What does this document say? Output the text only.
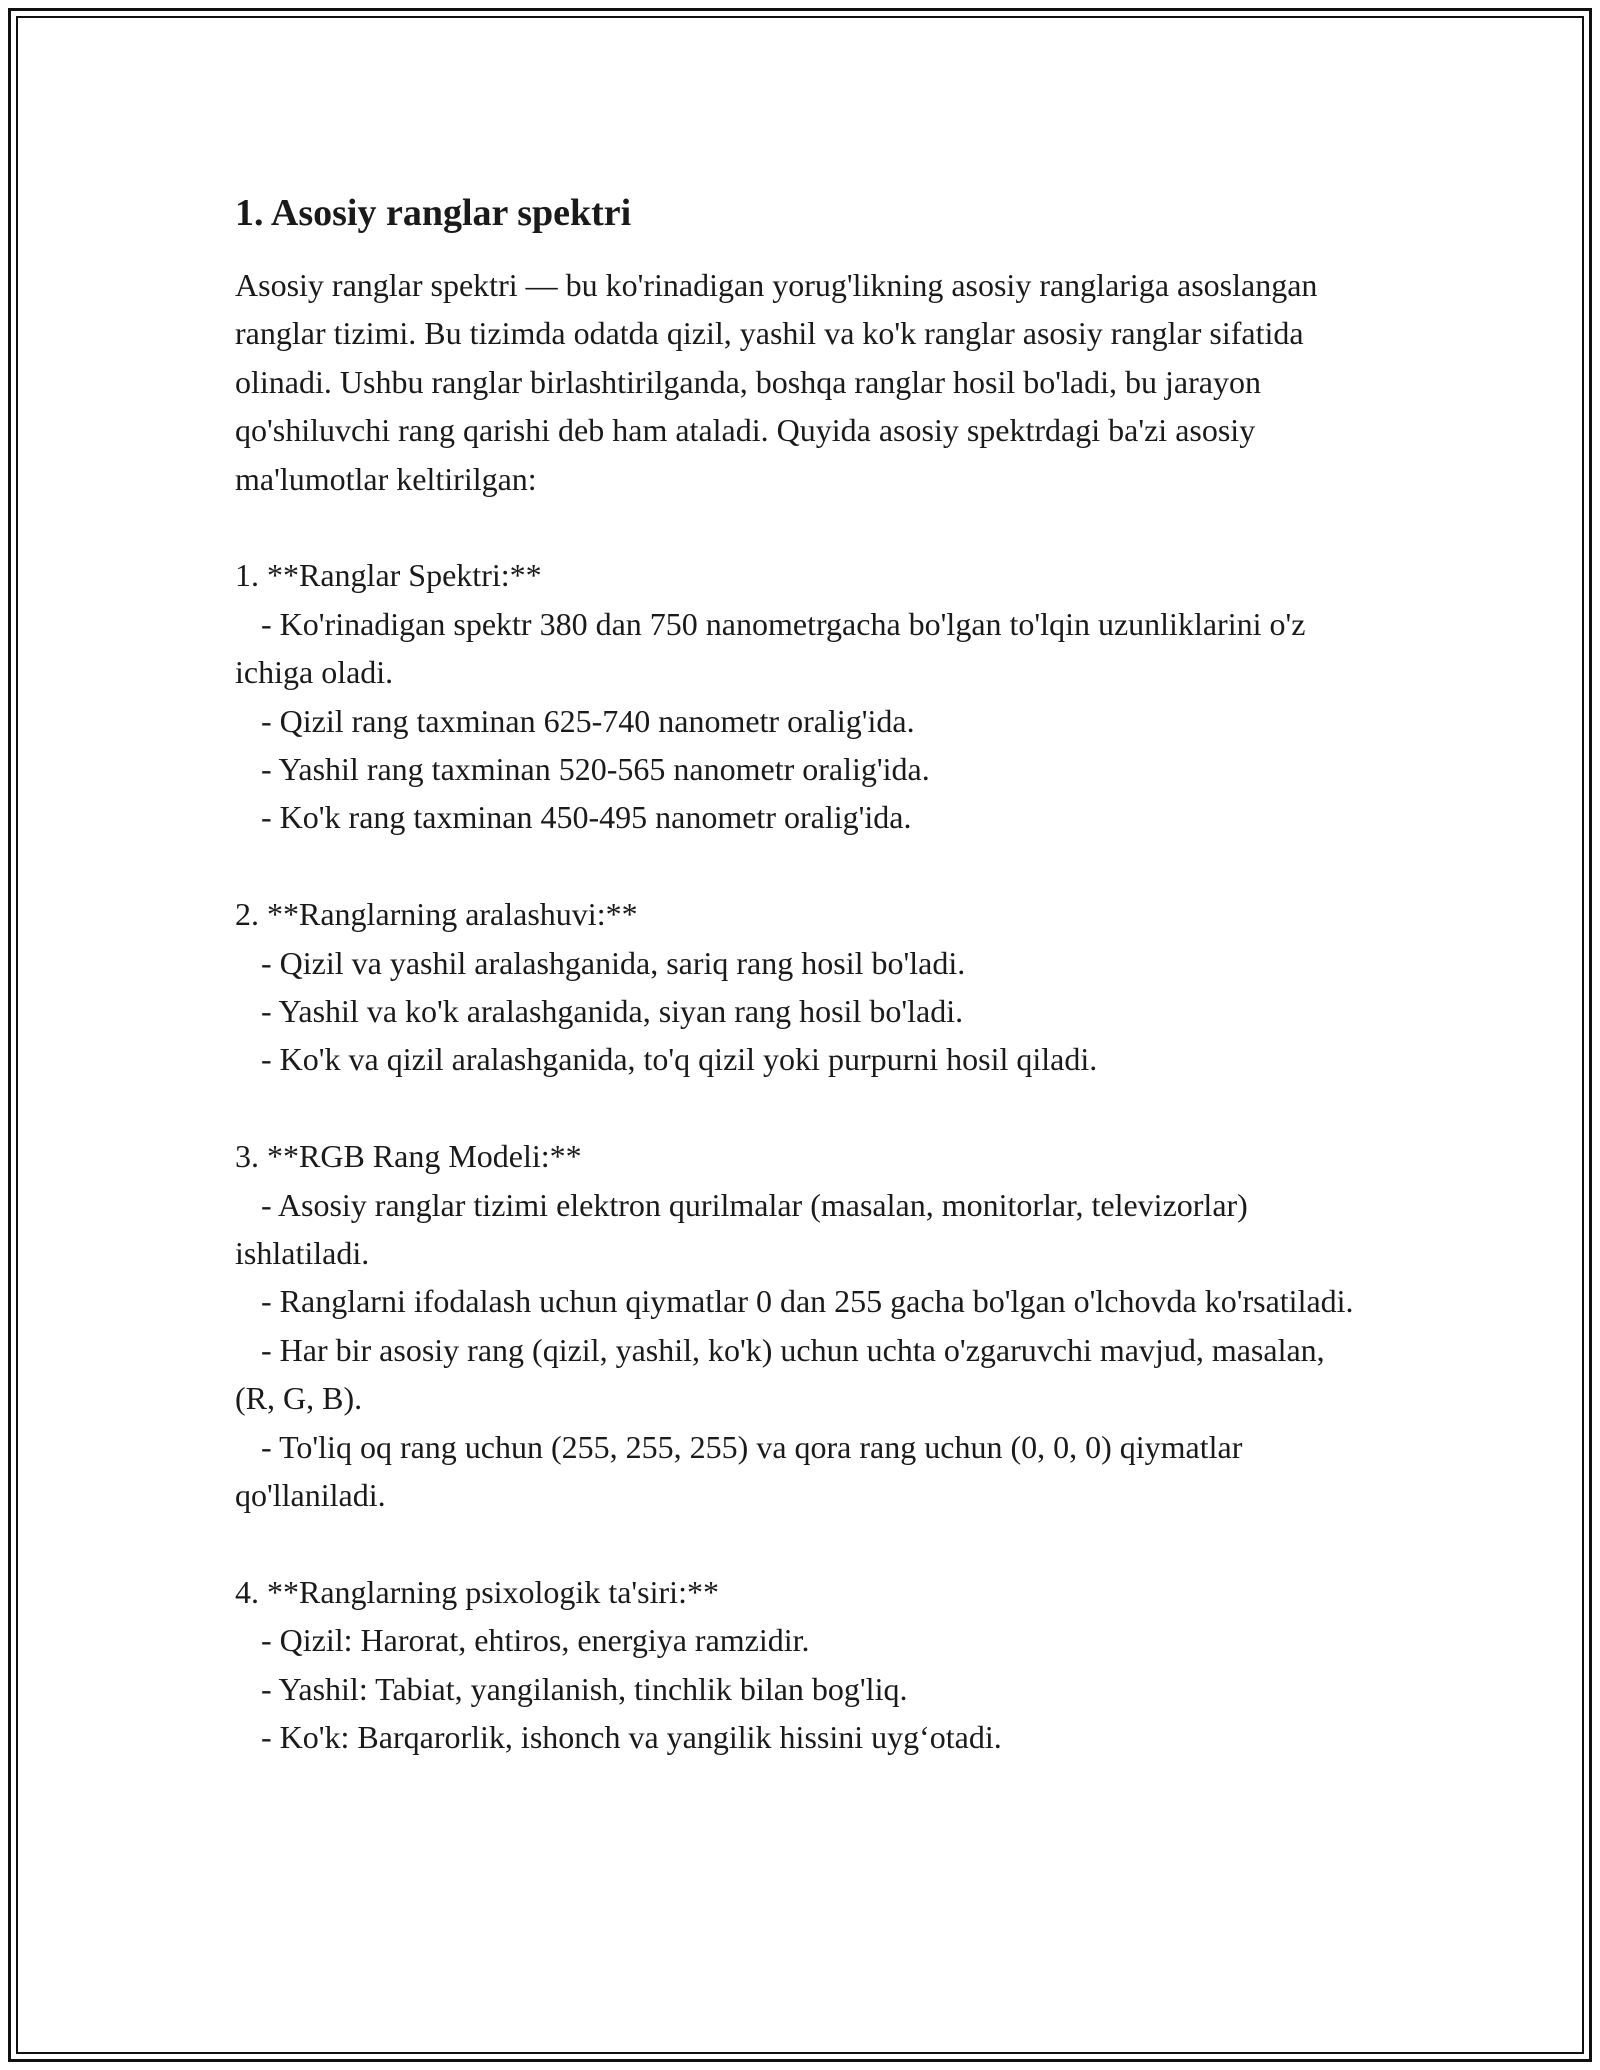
1. Asosiy ranglar spektri

Asosiy ranglar spektri — bu ko'rinadigan yorug'likning asosiy ranglariga asoslangan ranglar tizimi. Bu tizimda odatda qizil, yashil va ko'k ranglar asosiy ranglar sifatida olinadi. Ushbu ranglar birlashtirilganda, boshqa ranglar hosil bo'ladi, bu jarayon qo'shiluvchi rang qarishi deb ham ataladi. Quyida asosiy spektrdagi ba'zi asosiy ma'lumotlar keltirilgan:

1. **Ranglar Spektri:**
- Ko'rinadigan spektr 380 dan 750 nanometrgacha bo'lgan to'lqin uzunliklarini o'z ichiga oladi.
- Qizil rang taxminan 625-740 nanometr oralig'ida.
- Yashil rang taxminan 520-565 nanometr oralig'ida.
- Ko'k rang taxminan 450-495 nanometr oralig'ida.
2. **Ranglarning aralashuvi:**
- Qizil va yashil aralashganida, sariq rang hosil bo'ladi.
- Yashil va ko'k aralashganida, siyan rang hosil bo'ladi.
- Ko'k va qizil aralashganida, to'q qizil yoki purpurni hosil qiladi.
3. **RGB Rang Modeli:**
- Asosiy ranglar tizimi elektron qurilmalar (masalan, monitorlar, televizorlar) ishlatiladi.
- Ranglarni ifodalash uchun qiymatlar 0 dan 255 gacha bo'lgan o'lchovda ko'rsatiladi.
- Har bir asosiy rang (qizil, yashil, ko'k) uchun uchta o'zgaruvchi mavjud, masalan, (R, G, B).
- To'liq oq rang uchun (255, 255, 255) va qora rang uchun (0, 0, 0) qiymatlar qo'llaniladi.
4. **Ranglarning psixologik ta'siri:**
- Qizil: Harorat, ehtiros, energiya ramzidir.
- Yashil: Tabiat, yangilanish, tinchlik bilan bog'liq.
- Ko'k: Barqarorlik, ishonch va yangilik hissini uyg‘otadi.
